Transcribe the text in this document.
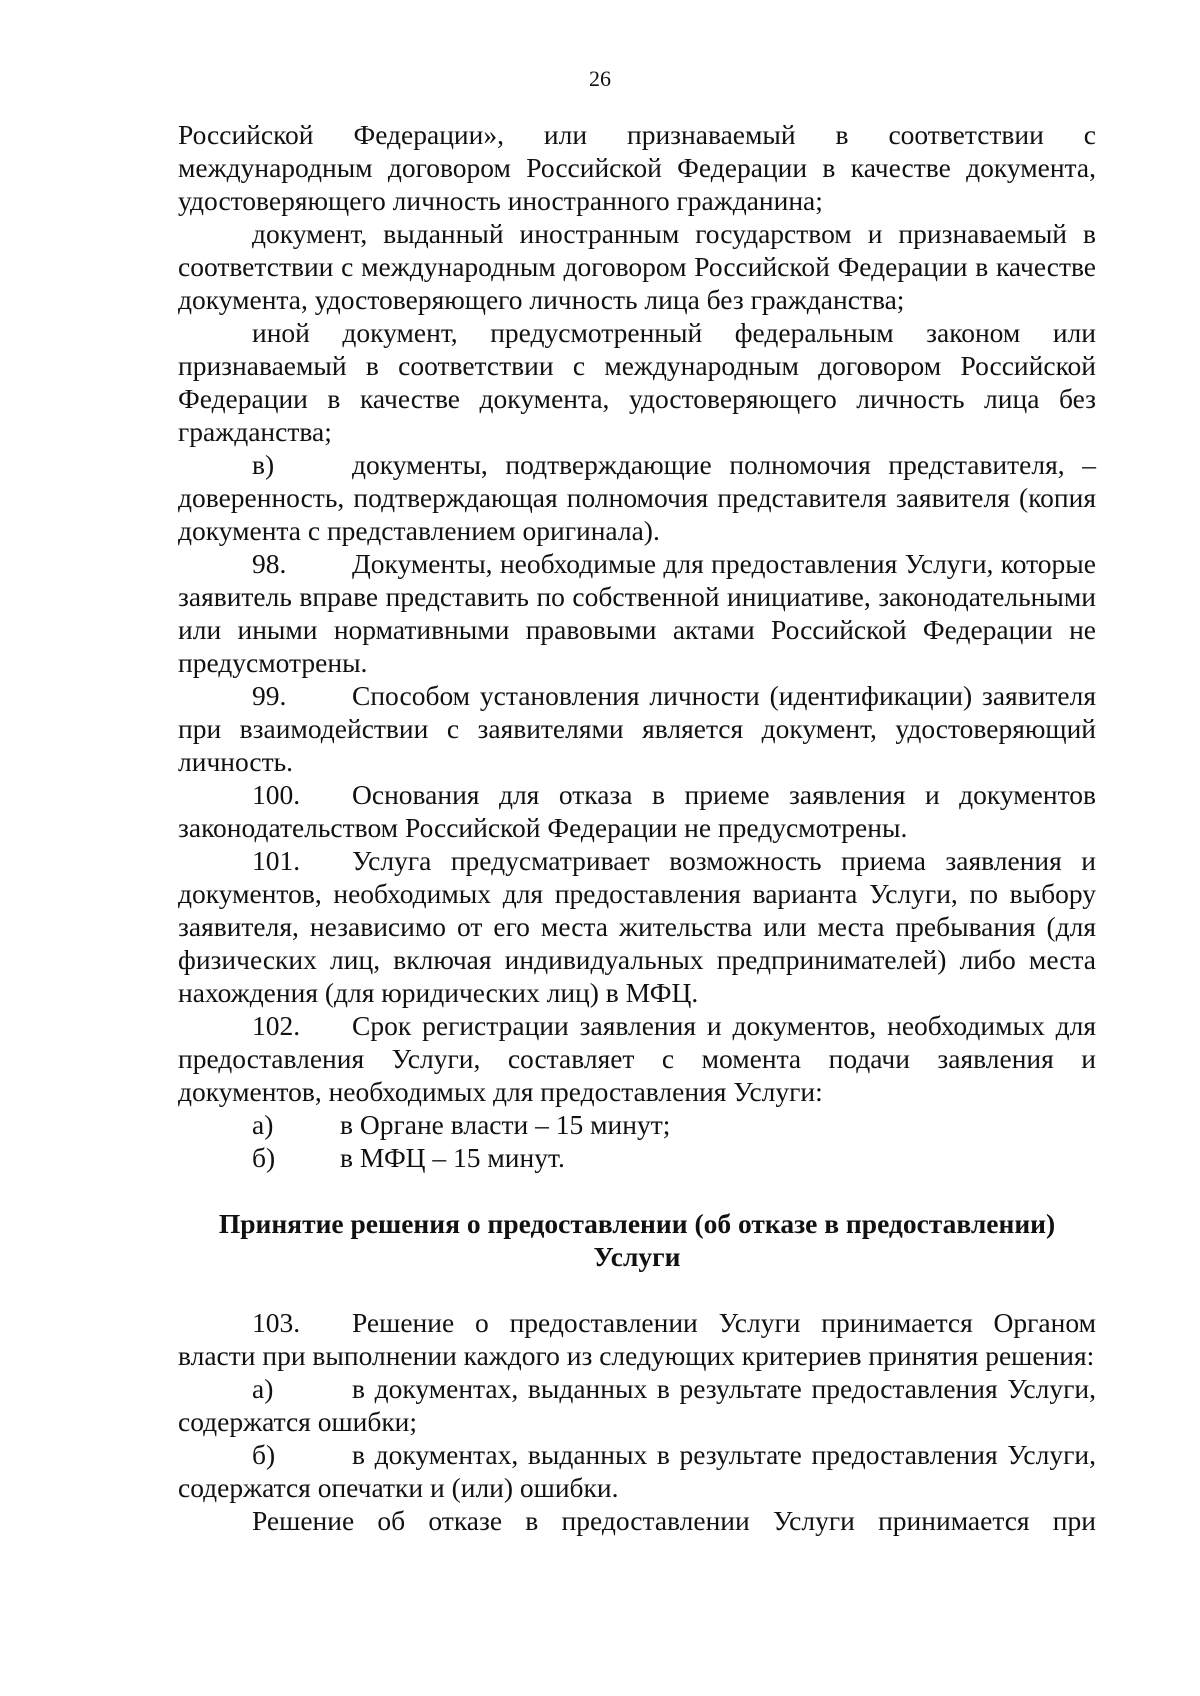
26

Российской Федерации», или признаваемый в соответствии с международным договором Российской Федерации в качестве документа, удостоверяющего личность иностранного гражданина;

документ, выданный иностранным государством и признаваемый в соответствии с международным договором Российской Федерации в качестве документа, удостоверяющего личность лица без гражданства;

иной документ, предусмотренный федеральным законом или признаваемый в соответствии с международным договором Российской Федерации в качестве документа, удостоверяющего личность лица без гражданства;

в)	документы, подтверждающие полномочия представителя, – доверенность, подтверждающая полномочия представителя заявителя (копия документа с представлением оригинала).

98. Документы, необходимые для предоставления Услуги, которые заявитель вправе представить по собственной инициативе, законодательными или иными нормативными правовыми актами Российской Федерации не предусмотрены.

99. Способом установления личности (идентификации) заявителя при взаимодействии с заявителями является документ, удостоверяющий личность.

100. Основания для отказа в приеме заявления и документов законодательством Российской Федерации не предусмотрены.

101. Услуга предусматривает возможность приема заявления и документов, необходимых для предоставления варианта Услуги, по выбору заявителя, независимо от его места жительства или места пребывания (для физических лиц, включая индивидуальных предпринимателей) либо места нахождения (для юридических лиц) в МФЦ.

102. Срок регистрации заявления и документов, необходимых для предоставления Услуги, составляет с момента подачи заявления и документов, необходимых для предоставления Услуги:

а) в Органе власти – 15 минут;

б) в МФЦ – 15 минут.

Принятие решения о предоставлении (об отказе в предоставлении)
Услуги

103. Решение о предоставлении Услуги принимается Органом власти при выполнении каждого из следующих критериев принятия решения:

а)	в документах, выданных в результате предоставления Услуги, содержатся ошибки;

б)	в документах, выданных в результате предоставления Услуги, содержатся опечатки и (или) ошибки.

Решение об отказе в предоставлении Услуги принимается при
